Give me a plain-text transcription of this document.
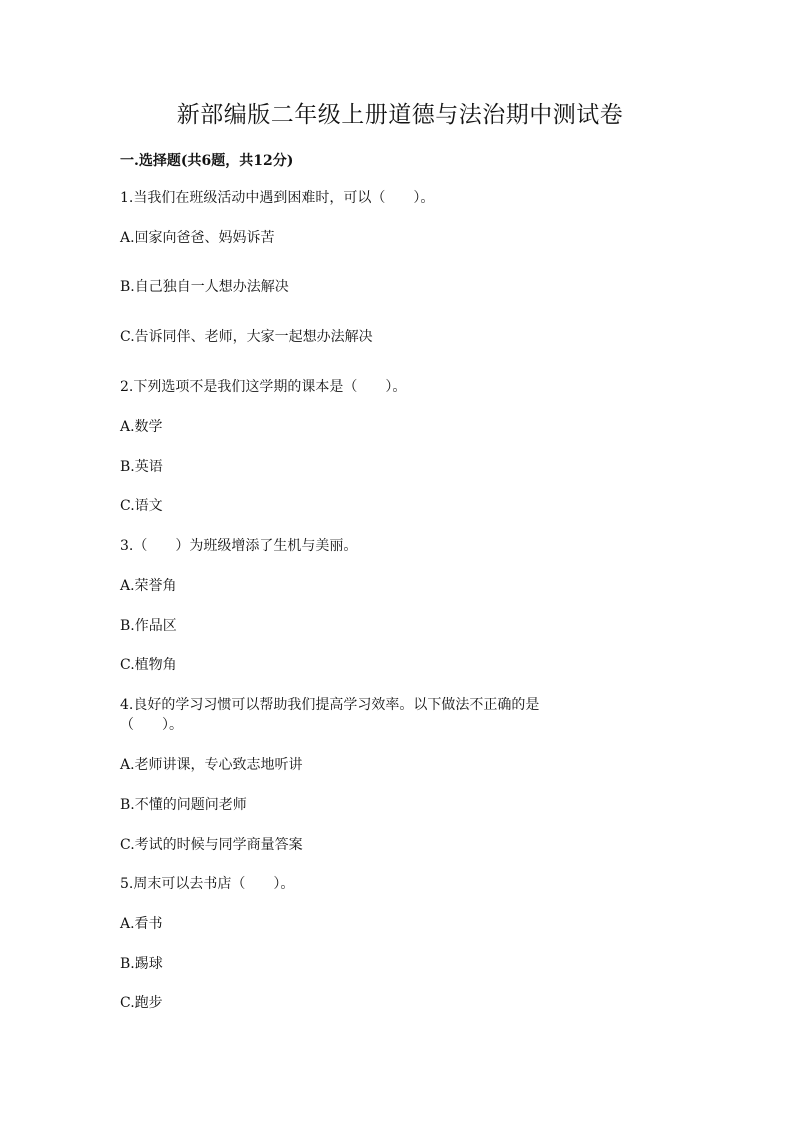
新部编版二年级上册道德与法治期中测试卷

一.选择题(共6题，共12分)

1.当我们在班级活动中遇到困难时，可以（　　）。

A.回家向爸爸、妈妈诉苦

B.自己独自一人想办法解决

C.告诉同伴、老师，大家一起想办法解决

2.下列选项不是我们这学期的课本是（　　）。

A.数学

B.英语

C.语文

3.（　　）为班级增添了生机与美丽。

A.荣誉角

B.作品区

C.植物角

4.良好的学习习惯可以帮助我们提高学习效率。以下做法不正确的是

（　　）。

A.老师讲课，专心致志地听讲

B.不懂的问题问老师

C.考试的时候与同学商量答案

5.周末可以去书店（　　）。

A.看书

B.踢球

C.跑步
